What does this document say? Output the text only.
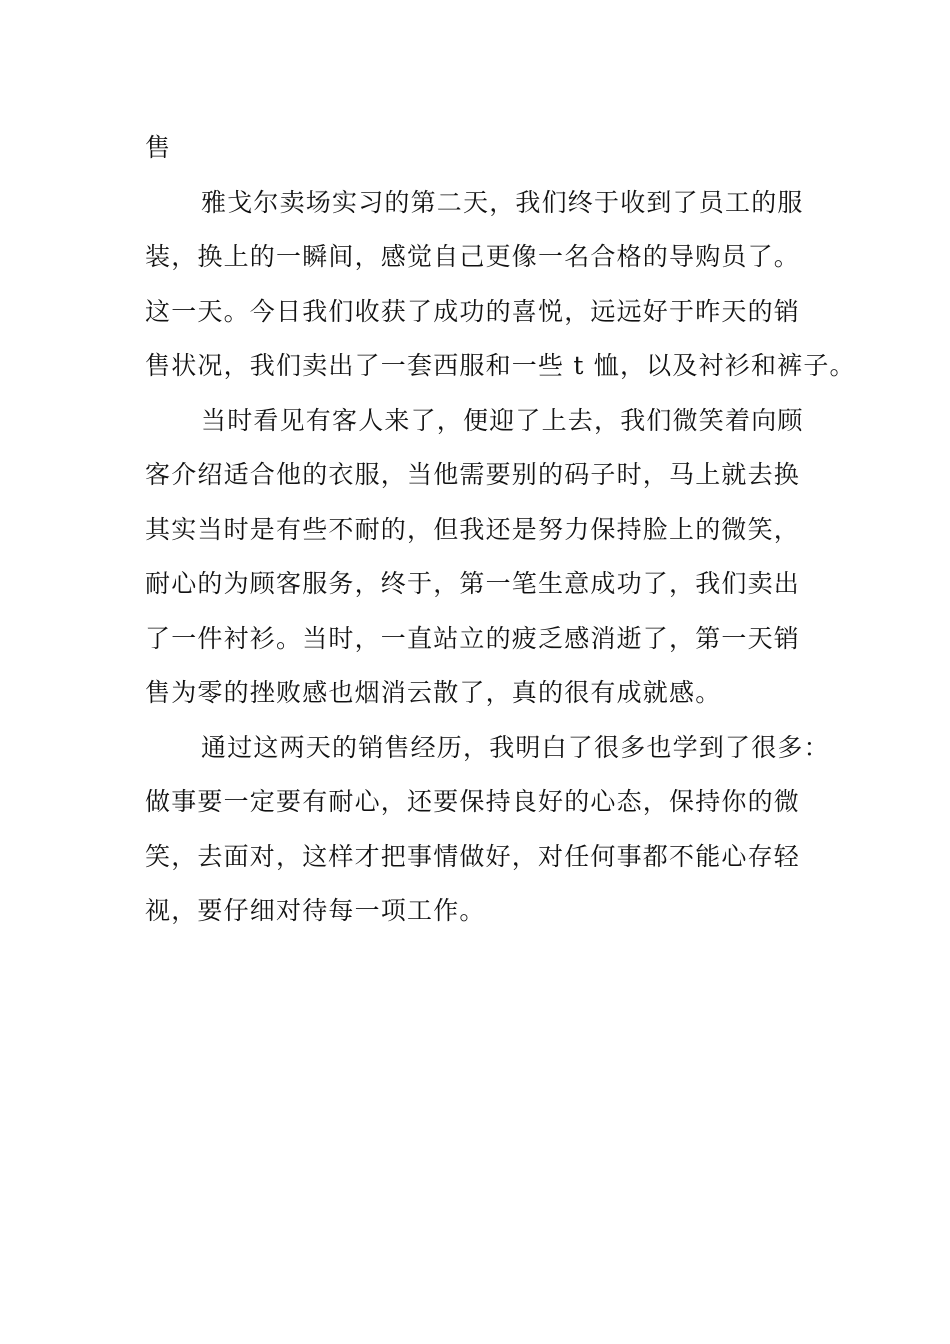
售
雅戈尔卖场实习的第二天，我们终于收到了员工的服
装，换上的一瞬间，感觉自己更像一名合格的导购员了。
这一天。今日我们收获了成功的喜悦，远远好于昨天的销
售状况，我们卖出了一套西服和一些 t 恤，以及衬衫和裤子。
当时看见有客人来了，便迎了上去，我们微笑着向顾
客介绍适合他的衣服，当他需要别的码子时，马上就去换
其实当时是有些不耐的，但我还是努力保持脸上的微笑，
耐心的为顾客服务，终于，第一笔生意成功了，我们卖出
了一件衬衫。当时，一直站立的疲乏感消逝了，第一天销
售为零的挫败感也烟消云散了，真的很有成就感。
通过这两天的销售经历，我明白了很多也学到了很多：
做事要一定要有耐心，还要保持良好的心态，保持你的微
笑，去面对，这样才把事情做好，对任何事都不能心存轻
视，要仔细对待每一项工作。
